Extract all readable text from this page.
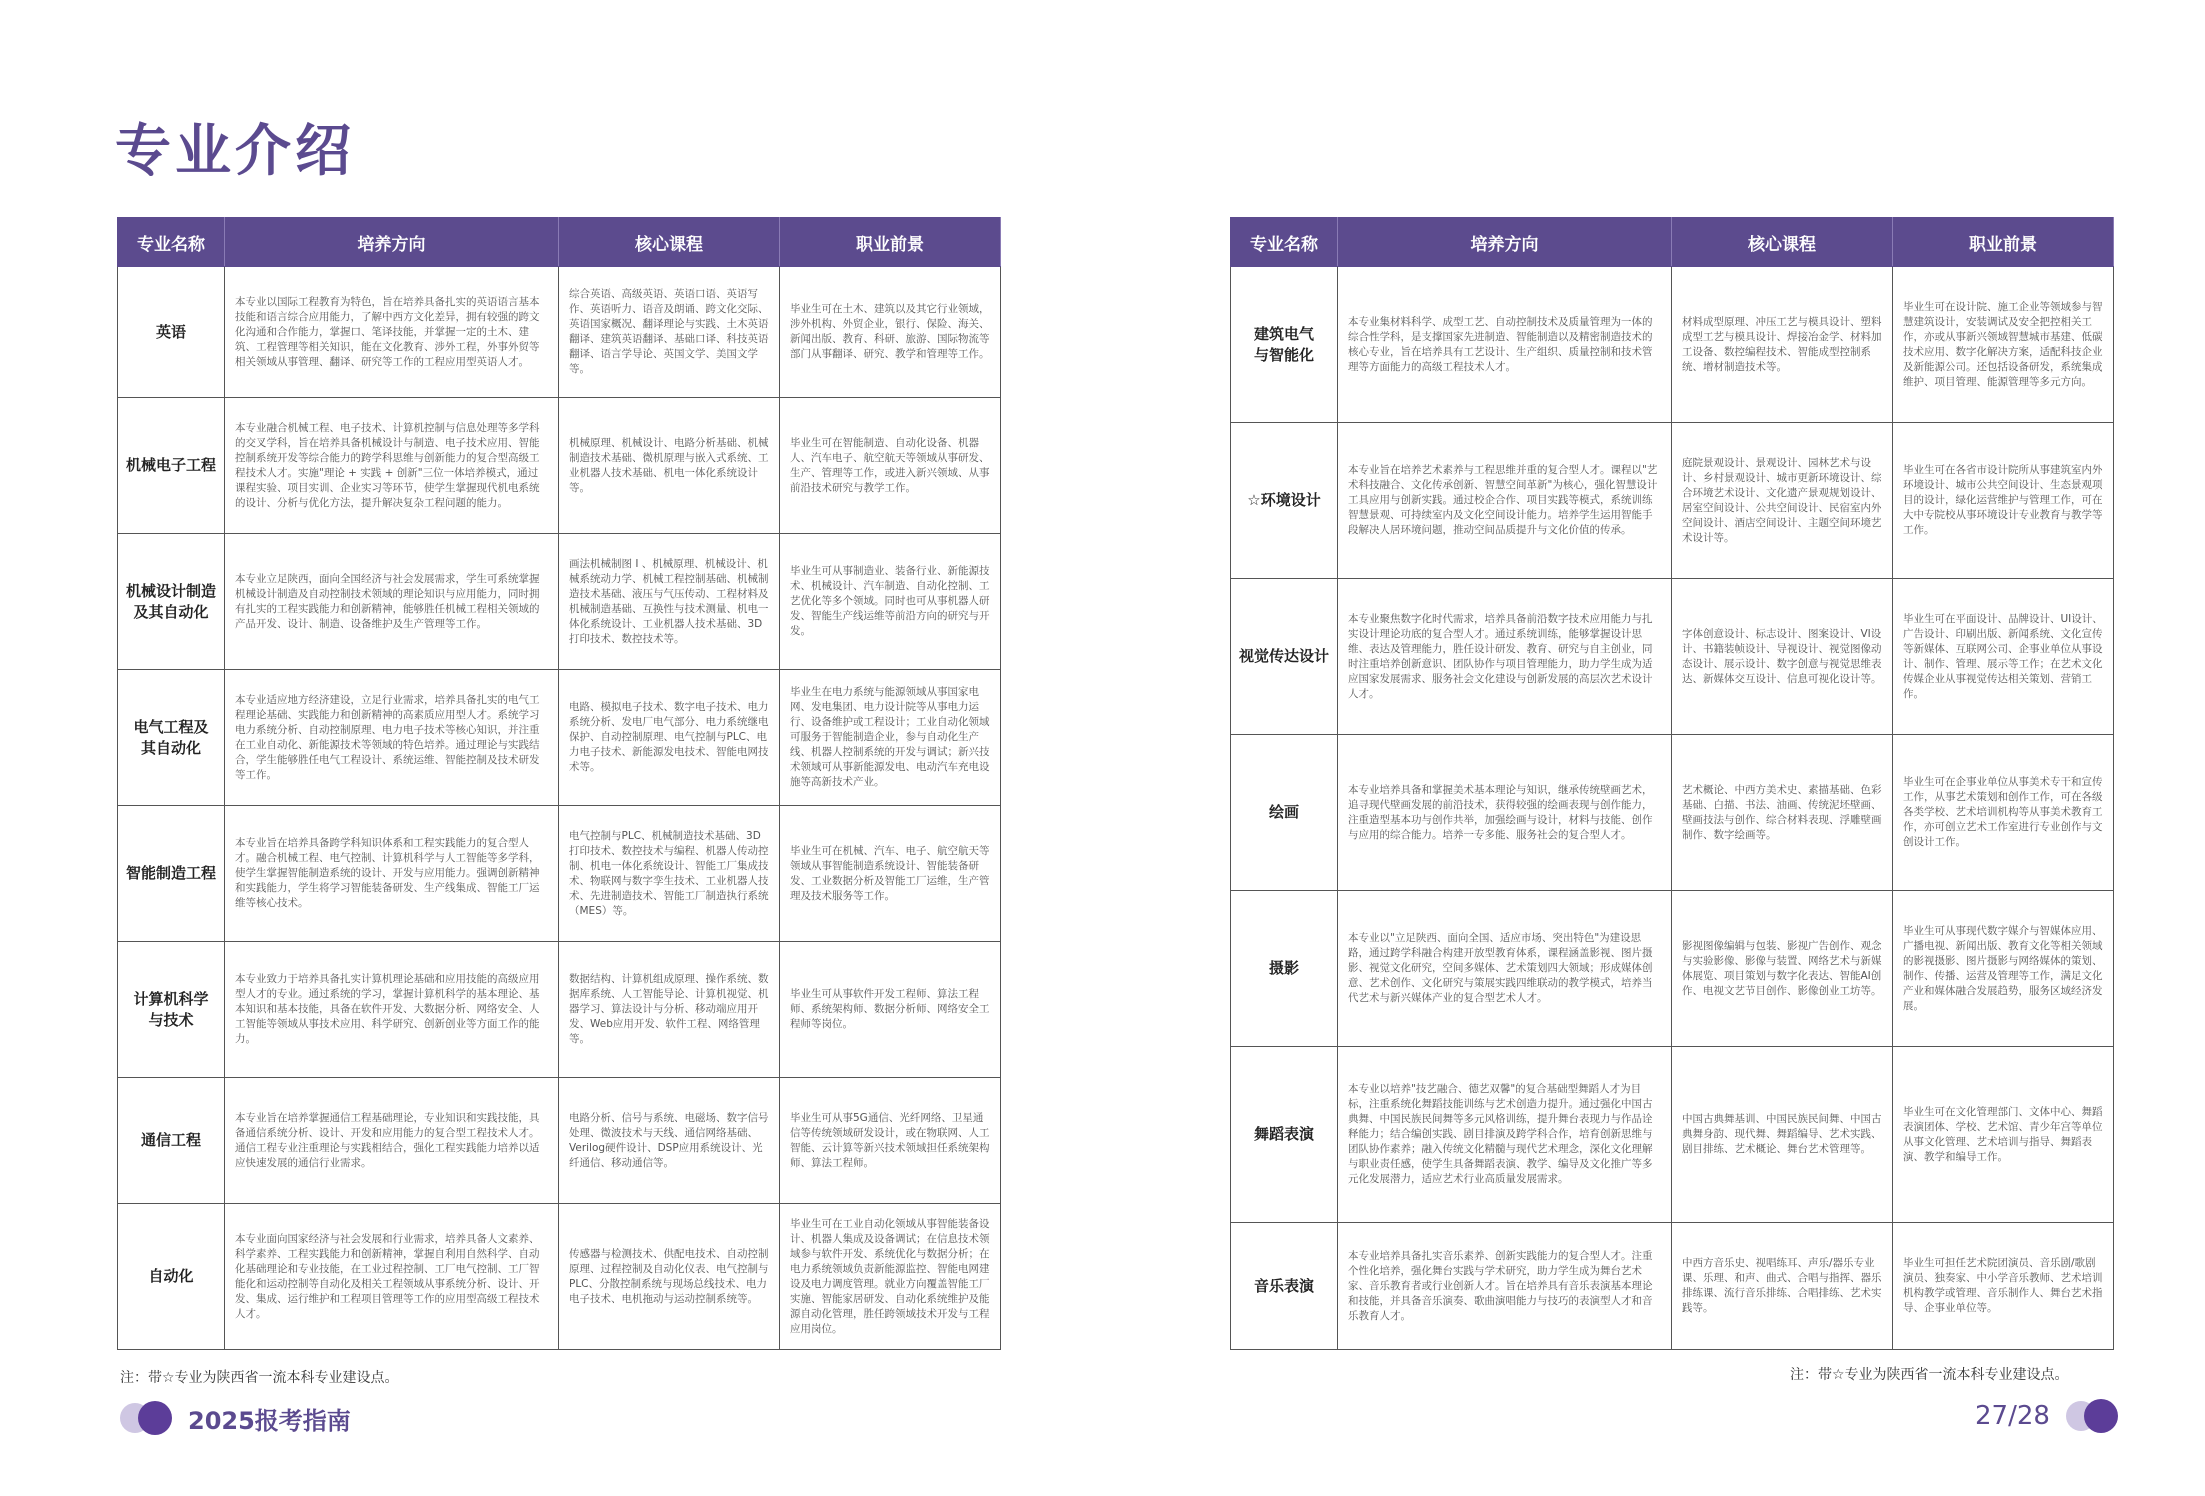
专业介绍
专业名称	培养方向	核心课程	职业前景
英语	本专业以国际工程教育为特色，旨在培养具备扎实的英语语言基本技能和语言综合应用能力，了解中西方文化差异，拥有较强的跨文化沟通和合作能力，掌握口、笔译技能，并掌握一定的土木、建筑、工程管理等相关知识，能在文化教育、涉外工程，外事外贸等相关领域从事管理、翻译、研究等工作的工程应用型英语人才。	综合英语、高级英语、英语口语、英语写作、英语听力、语音及朗诵、跨文化交际、英语国家概况、翻译理论与实践、土木英语翻译、建筑英语翻译、基础口译、科技英语翻译、语言学导论、英国文学、美国文学等。	毕业生可在土木、建筑以及其它行业领域，涉外机构、外贸企业，银行、保险、海关、新闻出版、教育、科研、旅游、国际物流等部门从事翻译、研究、教学和管理等工作。
机械电子工程	本专业融合机械工程、电子技术、计算机控制与信息处理等多学科的交叉学科，旨在培养具备机械设计与制造、电子技术应用、智能控制系统开发等综合能力的跨学科思维与创新能力的复合型高级工程技术人才。实施"理论 + 实践 + 创新"三位一体培养模式，通过课程实验、项目实训、企业实习等环节，使学生掌握现代机电系统的设计、分析与优化方法，提升解决复杂工程问题的能力。	机械原理、机械设计、电路分析基础、机械制造技术基础、微机原理与嵌入式系统、工业机器人技术基础、机电一体化系统设计等。	毕业生可在智能制造、自动化设备、机器人、汽车电子、航空航天等领域从事研发、生产、管理等工作，或进入新兴领域、从事前沿技术研究与教学工作。
机械设计制造
及其自动化	本专业立足陕西，面向全国经济与社会发展需求，学生可系统掌握机械设计制造及自动控制技术领域的理论知识与应用能力，同时拥有扎实的工程实践能力和创新精神，能够胜任机械工程相关领域的产品开发、设计、制造、设备维护及生产管理等工作。	画法机械制图 I 、机械原理、机械设计、机械系统动力学、机械工程控制基础、机械制造技术基础、液压与气压传动、工程材料及机械制造基础、互换性与技术测量、机电一体化系统设计、工业机器人技术基础、3D打印技术、数控技术等。	毕业生可从事制造业、装备行业、新能源技术、机械设计、汽车制造、自动化控制、工艺优化等多个领域。同时也可从事机器人研发、智能生产线运维等前沿方向的研究与开发。
电气工程及
其自动化	本专业适应地方经济建设，立足行业需求，培养具备扎实的电气工程理论基础、实践能力和创新精神的高素质应用型人才。系统学习电力系统分析、自动控制原理、电力电子技术等核心知识，并注重在工业自动化、新能源技术等领域的特色培养。通过理论与实践结合，学生能够胜任电气工程设计、系统运维、智能控制及技术研发等工作。	电路、模拟电子技术、数字电子技术、电力系统分析、发电厂电气部分、电力系统继电保护、自动控制原理、电气控制与PLC、电力电子技术、新能源发电技术、智能电网技术等。	毕业生在电力系统与能源领域从事国家电网、发电集团、电力设计院等从事电力运行、设备维护或工程设计；工业自动化领域可服务于智能制造企业，参与自动化生产线、机器人控制系统的开发与调试；新兴技术领域可从事新能源发电、电动汽车充电设施等高新技术产业。
智能制造工程	本专业旨在培养具备跨学科知识体系和工程实践能力的复合型人才。融合机械工程、电气控制、计算机科学与人工智能等多学科，使学生掌握智能制造系统的设计、开发与应用能力。强调创新精神和实践能力，学生将学习智能装备研发、生产线集成、智能工厂运维等核心技术。	电气控制与PLC、机械制造技术基础、3D打印技术、数控技术与编程、机器人传动控制、机电一体化系统设计、智能工厂集成技术、物联网与数字孪生技术、工业机器人技术、先进制造技术、智能工厂制造执行系统（MES）等。	毕业生可在机械、汽车、电子、航空航天等领域从事智能制造系统设计、智能装备研发、工业数据分析及智能工厂运维，生产管理及技术服务等工作。
计算机科学
与技术	本专业致力于培养具备扎实计算机理论基础和应用技能的高级应用型人才的专业。通过系统的学习，掌握计算机科学的基本理论、基本知识和基本技能，具备在软件开发、大数据分析、网络安全、人工智能等领域从事技术应用、科学研究、创新创业等方面工作的能力。	数据结构、计算机组成原理、操作系统、数据库系统、人工智能导论、计算机视觉、机器学习、算法设计与分析、移动端应用开发、Web应用开发、软件工程、网络管理等。	毕业生可从事软件开发工程师、算法工程师、系统架构师、数据分析师、网络安全工程师等岗位。
通信工程	本专业旨在培养掌握通信工程基础理论，专业知识和实践技能，具备通信系统分析、设计、开发和应用能力的复合型工程技术人才。通信工程专业注重理论与实践相结合，强化工程实践能力培养以适应快速发展的通信行业需求。	电路分析、信号与系统、电磁场、数字信号处理、微波技术与天线、通信网络基础、Verilog硬件设计、DSP应用系统设计、光纤通信、移动通信等。	毕业生可从事5G通信、光纤网络、卫星通信等传统领域研发设计，或在物联网、人工智能、云计算等新兴技术领域担任系统架构师、算法工程师。
自动化	本专业面向国家经济与社会发展和行业需求，培养具备人文素养、科学素养、工程实践能力和创新精神，掌握自利用自然科学、自动化基础理论和专业技能，在工业过程控制、工厂电气控制、工厂智能化和运动控制等自动化及相关工程领域从事系统分析、设计、开发、集成、运行维护和工程项目管理等工作的应用型高级工程技术人才。	传感器与检测技术、供配电技术、自动控制原理、过程控制及自动化仪表、电气控制与PLC、分散控制系统与现场总线技术、电力电子技术、电机拖动与运动控制系统等。	毕业生可在工业自动化领域从事智能装备设计、机器人集成及设备调试；在信息技术领域参与软件开发、系统优化与数据分析；在电力系统领域负责新能源监控、智能电网建设及电力调度管理。就业方向覆盖智能工厂实施、智能家居研发、自动化系统维护及能源自动化管理，胜任跨领域技术开发与工程应用岗位。
专业名称	培养方向	核心课程	职业前景
建筑电气
与智能化	本专业集材料科学、成型工艺、自动控制技术及质量管理为一体的综合性学科，是支撑国家先进制造、智能制造以及精密制造技术的核心专业，旨在培养具有工艺设计、生产组织、质量控制和技术管理等方面能力的高级工程技术人才。	材料成型原理、冲压工艺与模具设计、塑料成型工艺与模具设计、焊接冶金学、材料加工设备、数控编程技术、智能成型控制系统、增材制造技术等。	毕业生可在设计院、施工企业等领域参与智慧建筑设计，安装调试及安全把控相关工作，亦或从事新兴领域智慧城市基建、低碳技术应用、数字化解决方案，适配科技企业及新能源公司。还包括设备研发，系统集成维护、项目管理、能源管理等多元方向。
☆环境设计	本专业旨在培养艺术素养与工程思维并重的复合型人才。课程以"艺术科技融合、文化传承创新、智慧空间革新"为核心，强化智慧设计工具应用与创新实践。通过校企合作、项目实践等模式，系统训练智慧景观、可持续室内及文化空间设计能力。培养学生运用智能手段解决人居环境问题，推动空间品质提升与文化价值的传承。	庭院景观设计、景观设计、园林艺术与设计、乡村景观设计、城市更新环境设计、综合环境艺术设计、文化遗产景观规划设计、居室空间设计、公共空间设计、民宿室内外空间设计、酒店空间设计、主题空间环境艺术设计等。	毕业生可在各省市设计院所从事建筑室内外环境设计、城市公共空间设计、生态景观项目的设计，绿化运营维护与管理工作，可在大中专院校从事环境设计专业教育与教学等工作。
视觉传达设计	本专业聚焦数字化时代需求，培养具备前沿数字技术应用能力与扎实设计理论功底的复合型人才。通过系统训练，能够掌握设计思维、表达及管理能力，胜任设计研发、教育、研究与自主创业，同时注重培养创新意识、团队协作与项目管理能力，助力学生成为适应国家发展需求、服务社会文化建设与创新发展的高层次艺术设计人才。	字体创意设计、标志设计、图案设计、VI设计、书籍装帧设计、导视设计、视觉图像动态设计、展示设计、数字创意与视觉思维表达、新媒体交互设计、信息可视化设计等。	毕业生可在平面设计、品牌设计、UI设计、广告设计、印刷出版、新闻系统、文化宣传等新媒体、互联网公司、企事业单位从事设计、制作、管理、展示等工作；在艺术文化传媒企业从事视觉传达相关策划、营销工作。
绘画	本专业培养具备和掌握美术基本理论与知识，继承传统壁画艺术，追寻现代壁画发展的前沿技术，获得较强的绘画表现与创作能力，注重造型基本功与创作共举，加强绘画与设计，材料与技能、创作与应用的综合能力。培养一专多能、服务社会的复合型人才。	艺术概论、中西方美术史、素描基础、色彩基础、白描、书法、油画、传统泥坯壁画、壁画技法与创作、综合材料表现、浮雕壁画制作、数字绘画等。	毕业生可在企事业单位从事美术专干和宣传工作，从事艺术策划和创作工作，可在各级各类学校、艺术培训机构等从事美术教育工作，亦可创立艺术工作室进行专业创作与文创设计工作。
摄影	本专业以"立足陕西、面向全国、适应市场、突出特色"为建设思路，通过跨学科融合构建开放型教育体系，课程涵盖影视、图片摄影、视觉文化研究，空间多媒体、艺术策划四大领域；形成媒体创意、艺术创作、文化研究与策展实践四维联动的教学模式，培养当代艺术与新兴媒体产业的复合型艺术人才。	影视图像编辑与包装、影视广告创作、观念与实验影像、影像与装置、网络艺术与新媒体展览、项目策划与数字化表达、智能AI创作、电视文艺节目创作、影像创业工坊等。	毕业生可从事现代数字媒介与智媒体应用、广播电视、新闻出版、教育文化等相关领域的影视摄影、图片摄影与网络媒体的策划、制作、传播、运营及管理等工作，满足文化产业和媒体融合发展趋势，服务区域经济发展。
舞蹈表演	本专业以培养"技艺融合、德艺双馨"的复合基础型舞蹈人才为目标，注重系统化舞蹈技能训练与艺术创造力提升。通过强化中国古典舞、中国民族民间舞等多元风格训练，提升舞台表现力与作品诠释能力；结合编创实践、剧目排演及跨学科合作，培育创新思维与团队协作素养；融入传统文化精髓与现代艺术理念，深化文化理解与职业责任感，使学生具备舞蹈表演、教学、编导及文化推广等多元化发展潜力，适应艺术行业高质量发展需求。	中国古典舞基训、中国民族民间舞、中国古典舞身韵、现代舞、舞蹈编导、艺术实践、剧目排练、艺术概论、舞台艺术管理等。	毕业生可在文化管理部门、文体中心、舞蹈表演团体、学校、艺术馆、青少年宫等单位从事文化管理、艺术培训与指导、舞蹈表演、教学和编导工作。
音乐表演	本专业培养具备扎实音乐素养、创新实践能力的复合型人才。注重个性化培养，强化舞台实践与学术研究，助力学生成为舞台艺术家、音乐教育者或行业创新人才。旨在培养具有音乐表演基本理论和技能，并具备音乐演奏、歌曲演唱能力与技巧的表演型人才和音乐教育人才。	中西方音乐史、视唱练耳、声乐/器乐专业课、乐理、和声、曲式、合唱与指挥、器乐排练课、流行音乐排练、合唱排练、艺术实践等。	毕业生可担任艺术院团演员、音乐剧/歌剧演员、独奏家、中小学音乐教师、艺术培训机构教学或管理、音乐制作人、舞台艺术指导、企事业单位等。
注：带☆专业为陕西省一流本科专业建设点。	注：带☆专业为陕西省一流本科专业建设点。
2025报考指南	27/28
